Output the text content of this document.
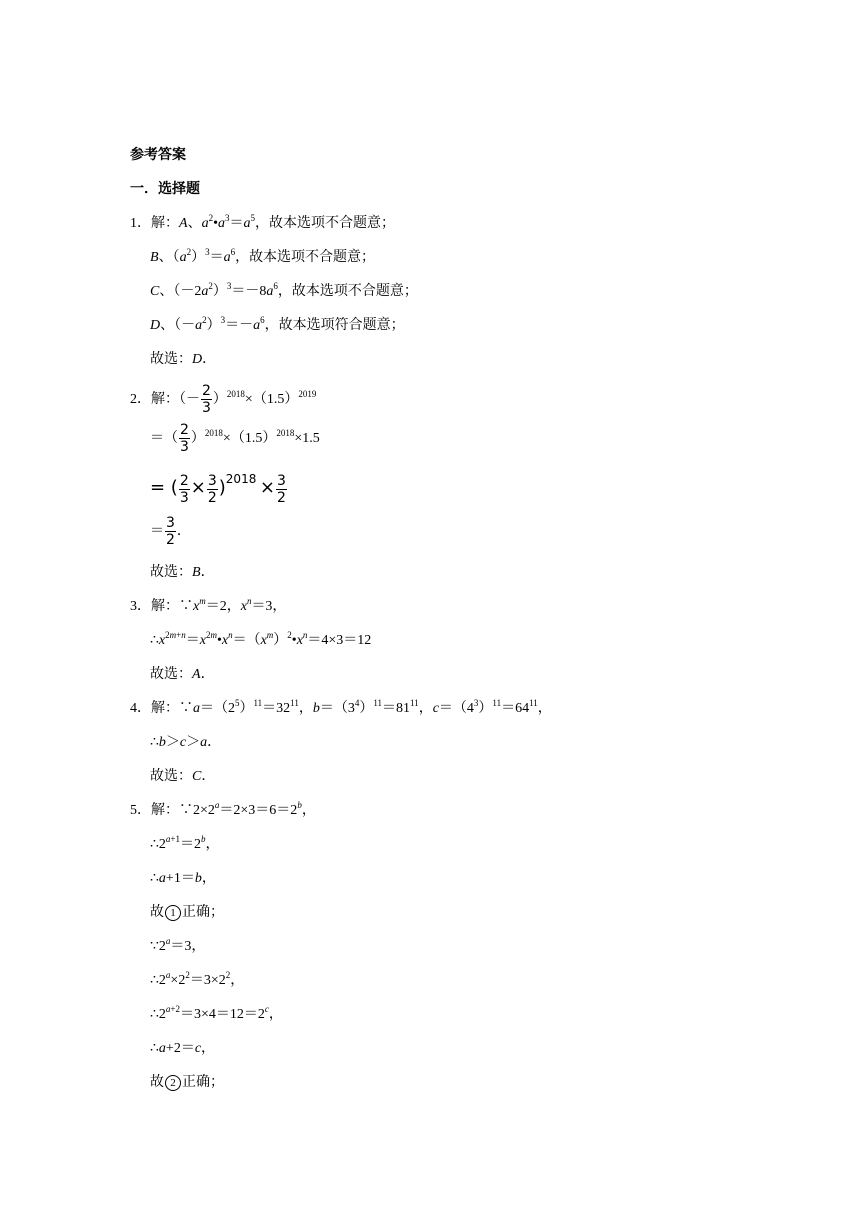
参考答案
一．选择题
1．解：A、$a^2•a^3=a^5$，故本选项不合题意；
B、$(a^2)^3=a^6$，故本选项不合题意；
C、$(-2a^2)^3=-8a^6$，故本选项不合题意；
D、$(-a^2)^3=-a^6$，故本选项符合题意；
故选：D．
2．解：（－ $\frac{2}{3} )^{2018}\times(1.5)^{2019}$
＝（ $\frac{2}{3} )^{2018}\times(1.5)^{2018}\times 1.5$
= ( $\frac{2}{3} \times \frac{3}{2} )^{2018} \times \frac{3}{2}$
＝ $\frac{3}{2}$ ．
故选：B．
3．解：$\because x^m=2$，$x^n=3$，
$\therefore x^{2m+n}=x^{2m}•x^n=(x^m)^2•x^n=4\times 3=12$
故选：A．
4．解：$\because a=(2^5)^{11}=32^{11}$，$b=(3^4)^{11}=81^{11}$，$c=(4^3)^{11}=64^{11}$，
∴b＞c＞a．
故选：C．
5．解：$\because 2\times 2^a=2\times 3=6=2^b$，
$\therefore 2^{a+1}=2^b$，
∴a+1＝b，
故 1 正确；
$\because 2^a=3$，
$\therefore 2^a\times 2^2=3\times 2^2$，
$\therefore 2^{a+2}=3\times 4=12=2^c$，
∴a+2＝c，
故 2 正确；
